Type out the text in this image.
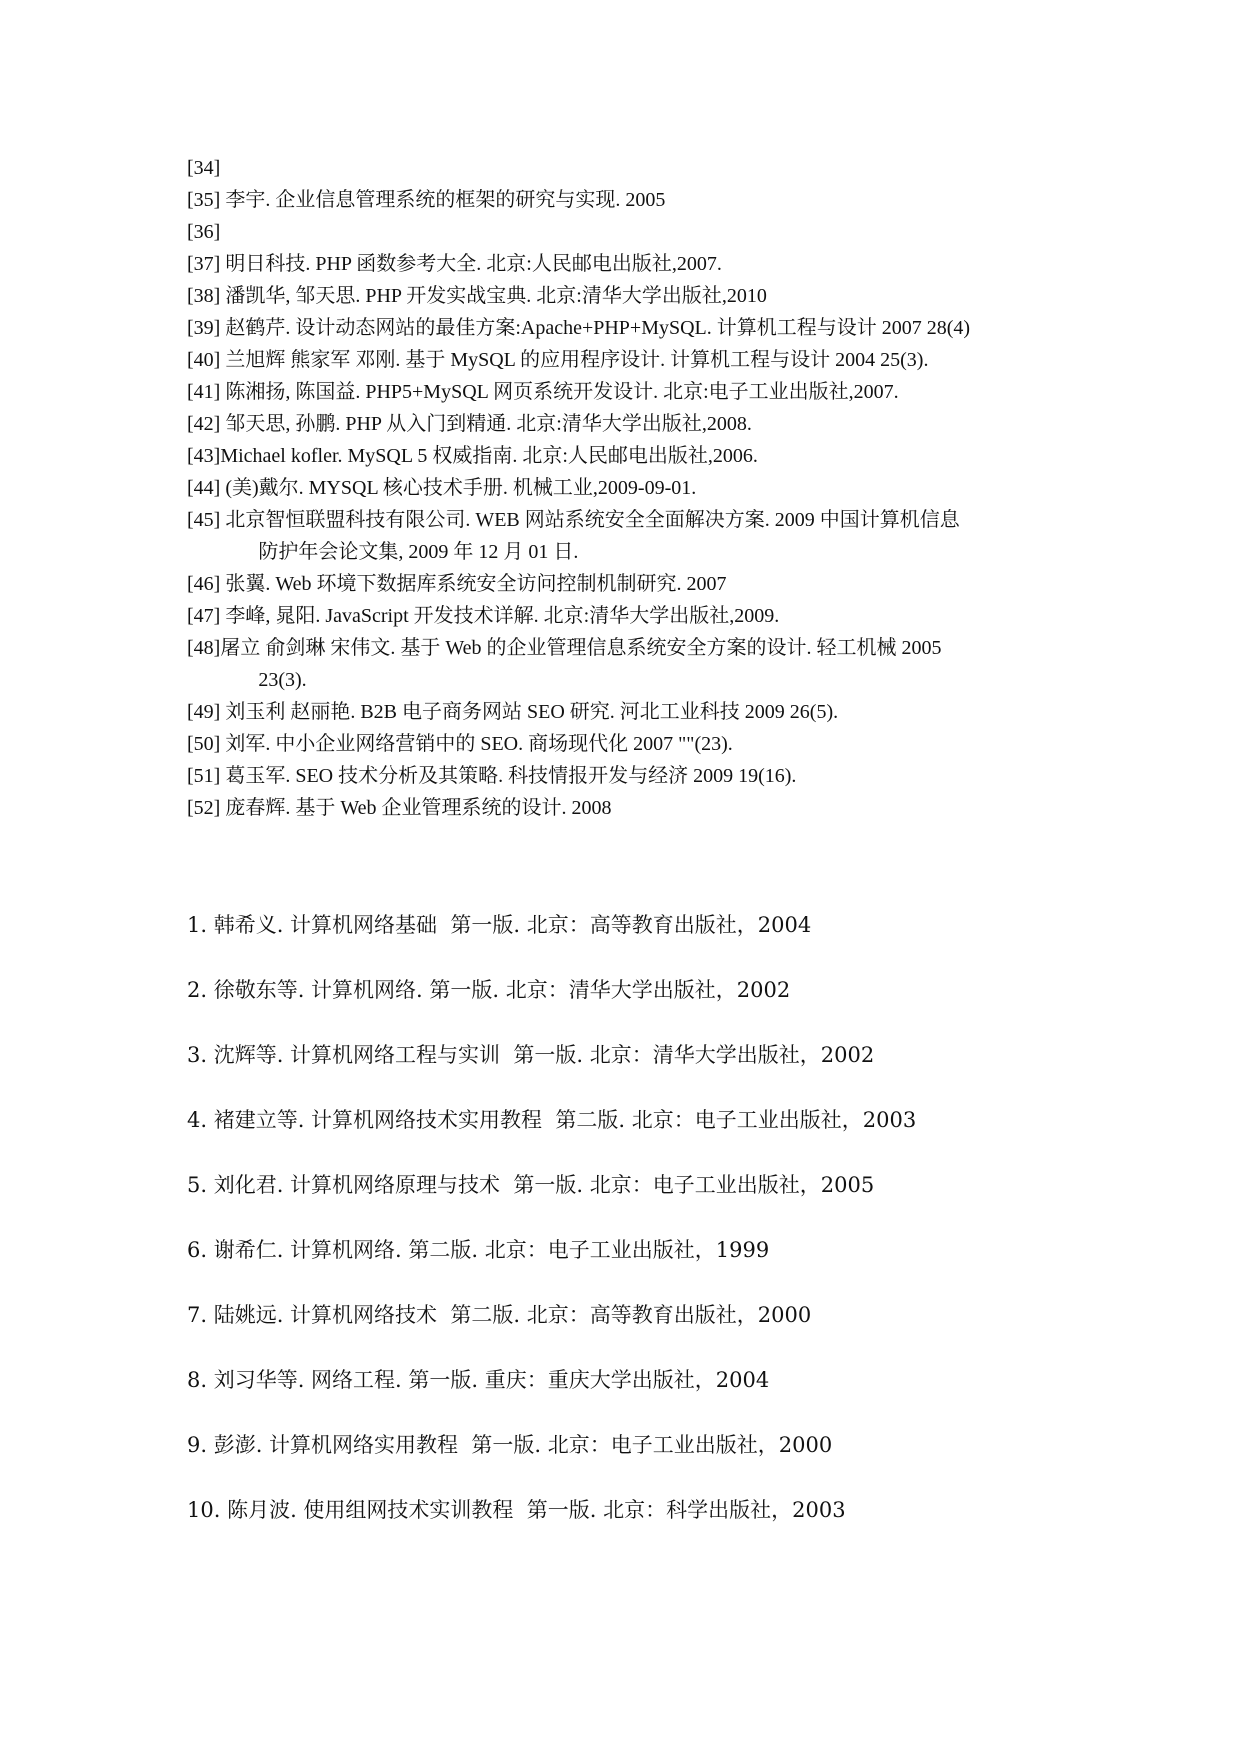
[34]

[35] 李宇. 企业信息管理系统的框架的研究与实现. 2005
[36]

[37] 明日科技. PHP 函数参考大全. 北京:人民邮电出版社,2007.
[38] 潘凯华, 邹天思. PHP 开发实战宝典. 北京:清华大学出版社,2010
[39] 赵鹤芹. 设计动态网站的最佳方案:Apache+PHP+MySQL. 计算机工程与设计 2007 28(4)
[40] 兰旭辉 熊家军 邓刚. 基于 MySQL 的应用程序设计. 计算机工程与设计 2004 25(3).
[41] 陈湘扬, 陈国益. PHP5+MySQL 网页系统开发设计. 北京:电子工业出版社,2007.
[42] 邹天思, 孙鹏. PHP 从入门到精通. 北京:清华大学出版社,2008.
[43] Michael kofler. MySQL 5 权威指南. 北京:人民邮电出版社,2006.
[44] (美)戴尔. MYSQL 核心技术手册. 机械工业,2009-09-01.
[45] 北京智恒联盟科技有限公司. WEB 网站系统安全全面解决方案. 2009 中国计算机信息
防护年会论文集, 2009 年 12 月 01 日.
[46] 张翼. Web 环境下数据库系统安全访问控制机制研究. 2007
[47] 李峰, 晁阳. JavaScript 开发技术详解. 北京:清华大学出版社,2009.
[48] 屠立 俞剑琳 宋伟文. 基于 Web 的企业管理信息系统安全方案的设计. 轻工机械 2005
23(3).
[49] 刘玉利 赵丽艳. B2B 电子商务网站 SEO 研究. 河北工业科技 2009 26(5).
[50] 刘军. 中小企业网络营销中的 SEO. 商场现代化 2007 ""(23).
[51] 葛玉军. SEO 技术分析及其策略. 科技情报开发与经济 2009 19(16).
[52] 庞春辉. 基于 Web 企业管理系统的设计. 2008
1. 韩希义. 计算机网络基础  第一版. 北京：高等教育出版社，2004
2. 徐敬东等. 计算机网络. 第一版. 北京：清华大学出版社，2002
3. 沈辉等. 计算机网络工程与实训  第一版. 北京：清华大学出版社，2002
4. 褚建立等. 计算机网络技术实用教程  第二版. 北京：电子工业出版社，2003
5. 刘化君. 计算机网络原理与技术  第一版. 北京：电子工业出版社，2005
6. 谢希仁. 计算机网络. 第二版. 北京：电子工业出版社，1999
7. 陆姚远. 计算机网络技术  第二版. 北京：高等教育出版社，2000
8. 刘习华等. 网络工程. 第一版. 重庆：重庆大学出版社，2004
9. 彭澎. 计算机网络实用教程  第一版. 北京：电子工业出版社，2000
10. 陈月波. 使用组网技术实训教程  第一版. 北京：科学出版社，2003
